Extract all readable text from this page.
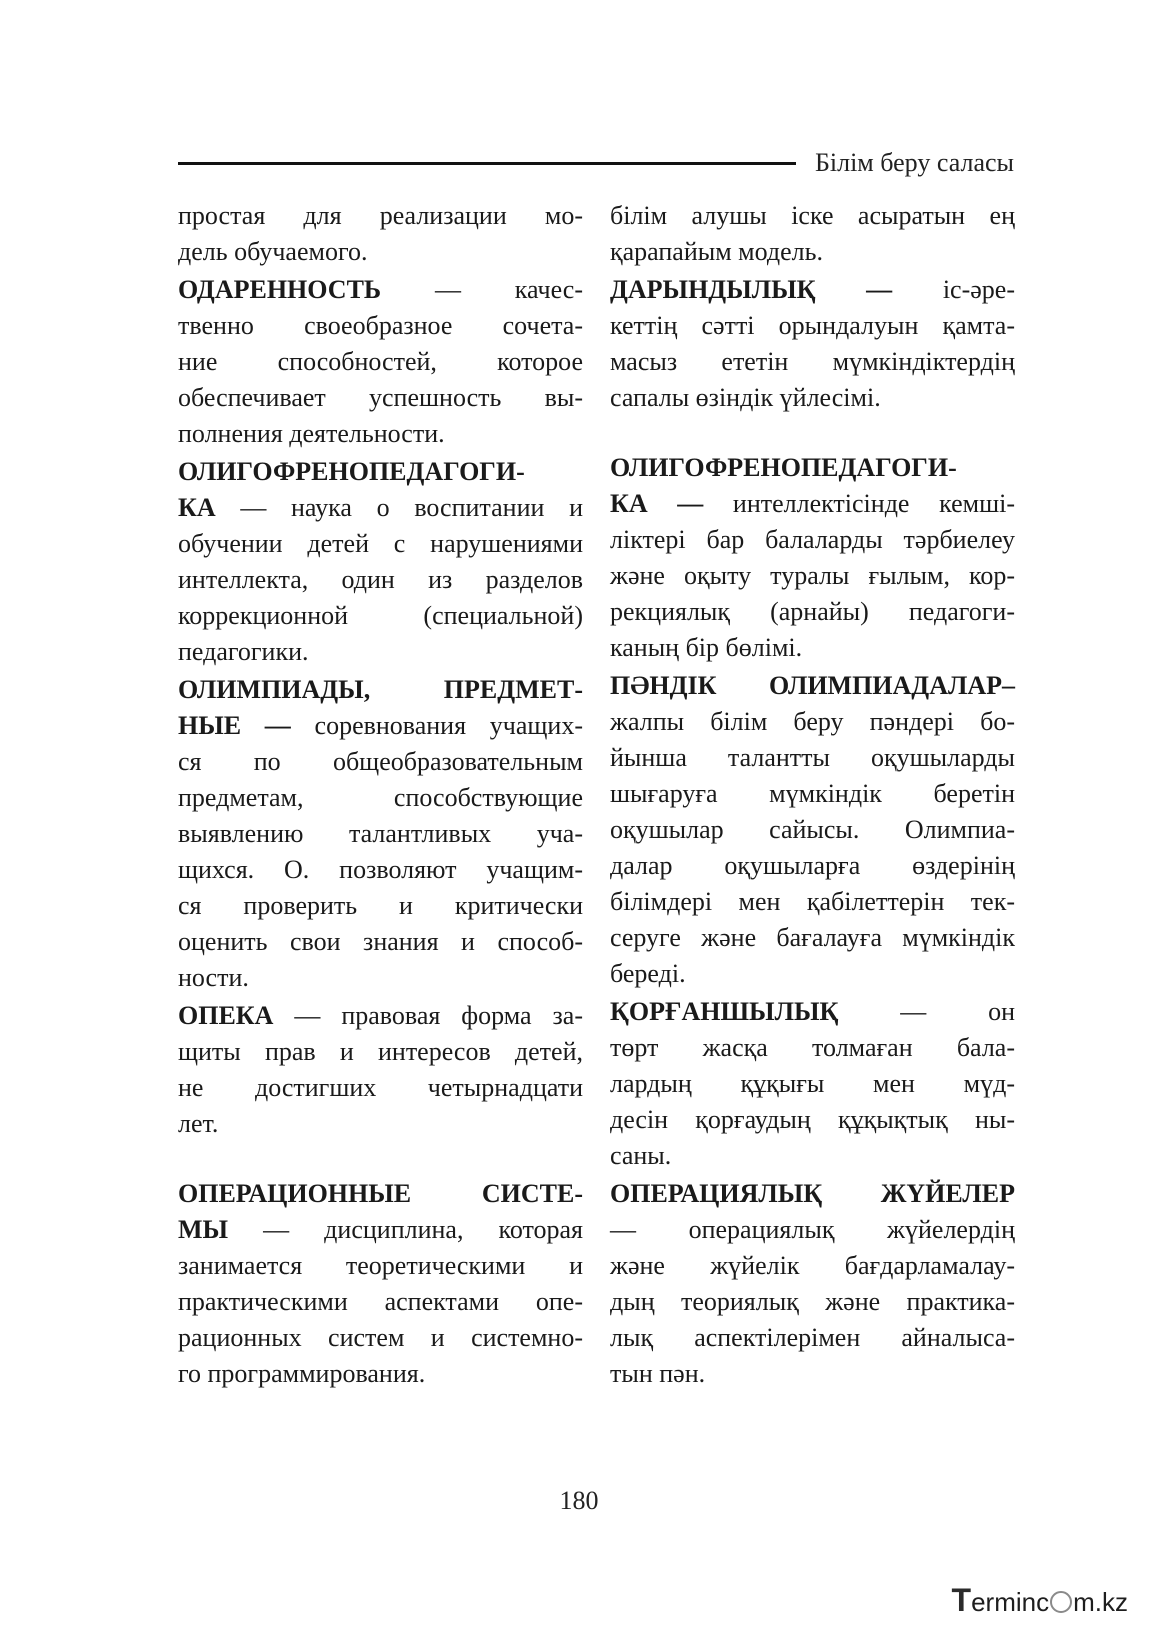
Білім беру саласы
простая для реализации мо-
дель обучаемого.
ОДАРЕННОСТЬ — качес-
твенно своеобразное сочета-
ние способностей, которое
обеспечивает успешность вы-
полнения деятельности.
ОЛИГОФРЕНОПЕДАГОГИ-
КА — наука о воспитании и
обучении детей с нарушениями
интеллекта, один из разделов
коррекционной (специальной)
педагогики.
ОЛИМПИАДЫ, ПРЕДМЕТ-
НЫЕ — соревнования учащих-
ся по общеобразовательным
предметам, способствующие
выявлению талантливых уча-
щихся. О. позволяют учащим-
ся проверить и критически
оценить свои знания и способ-
ности.
ОПЕКА — правовая форма за-
щиты прав и интересов детей,
не достигших четырнадцати
лет.
ОПЕРАЦИОННЫЕ СИСТЕ-
МЫ — дисциплина, которая
занимается теоретическими и
практическими аспектами опе-
рационных систем и системно-
го программирования.
білім алушы іске асыратын ең
қарапайым модель.
ДАРЫНДЫЛЫҚ — іс-әре-
кеттің сәтті орындалуын қамта-
масыз ететін мүмкіндіктердің
сапалы өзіндік үйлесімі.
ОЛИГОФРЕНОПЕДАГОГИ-
КА — интеллектісінде кемші-
ліктері бар балаларды тәрбиелеу
және оқыту туралы ғылым, кор-
рекциялық (арнайы) педагоги-
каның бір бөлімі.
ПӘНДІК ОЛИМПИАДАЛАР–
жалпы білім беру пәндері бо-
йынша талантты оқушыларды
шығаруға мүмкіндік беретін
оқушылар сайысы. Олимпиа-
далар оқушыларға өздерінің
білімдері мен қабілеттерін тек-
серуге және бағалауға мүмкіндік
береді.
ҚОРҒАНШЫЛЫҚ — он
төрт жасқа толмаған бала-
лардың құқығы мен мүд-
десін қорғаудың құқықтық ны-
саны.
ОПЕРАЦИЯЛЫҚ ЖҮЙЕЛЕР
— операциялық жүйелердің
және жүйелік бағдарламалау-
дың теориялық және практика-
лық аспектілерімен айналыса-
тын пән.
180
Terminc m.kz
